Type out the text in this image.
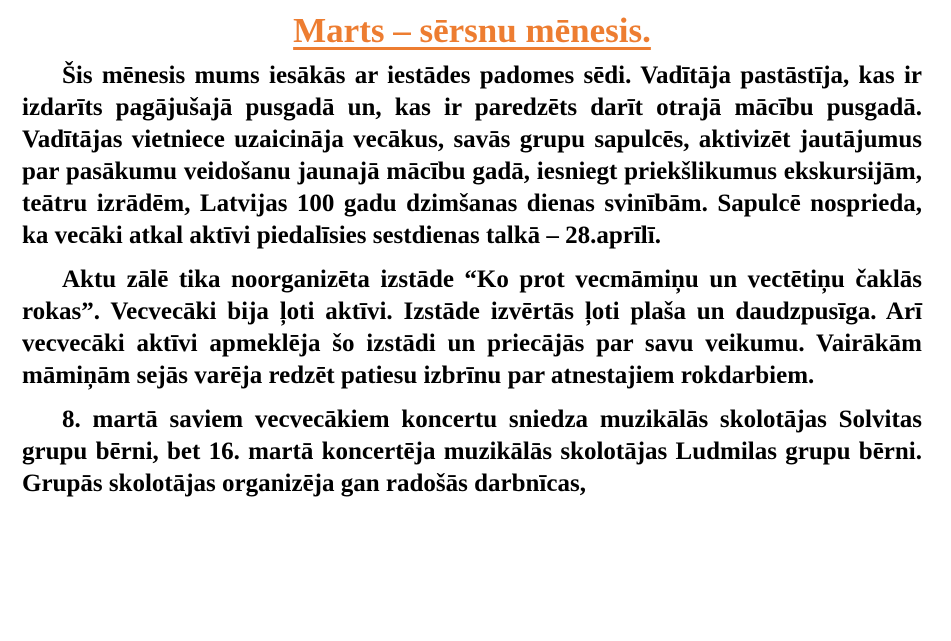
Marts – sērsnu mēnesis.

Šis mēnesis mums iesākās ar iestādes padomes sēdi. Vadītāja pastāstīja, kas ir izdarīts pagājušajā pusgadā un, kas ir paredzēts darīt otrajā mācību pusgadā. Vadītājas vietniece uzaicināja vecākus, savās grupu sapulcēs, aktivizēt jautājumus par pasākumu veidošanu jaunajā mācību gadā, iesniegt priekšlikumus ekskursijām, teātru izrādēm, Latvijas 100 gadu dzimšanas dienas svinībām. Sapulcē nosprieda, ka vecāki atkal aktīvi piedalīsies sestdienas talkā – 28.aprīlī.

Aktu zālē tika noorganizēta izstāde “Ko prot vecmāmiņu un vectētiņu čaklās rokas”. Vecvecāki bija ļoti aktīvi. Izstāde izvērtās ļoti plaša un daudzpusīga. Arī vecvecāki aktīvi apmeklēja šo izstādi un priecājās par savu veikumu. Vairākām māmiņām sejās varēja redzēt patiesu izbrīnu par atnestajiem rokdarbiem.

8. martā saviem vecvecākiem koncertu sniedza muzikālās skolotājas Solvitas grupu bērni, bet 16. martā koncertēja muzikālās skolotājas Ludmilas grupu bērni. Grupās skolotājas organizēja gan radošās darbnīcas,
